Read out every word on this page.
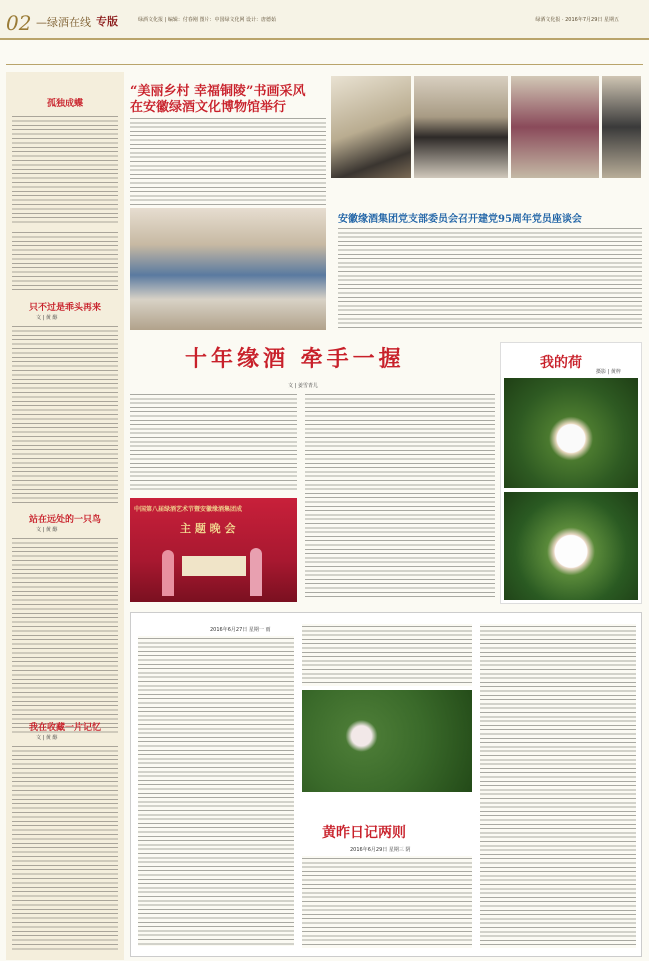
02 —绿酒在线 专版	绿酒文化报 | 编辑：付春刚 图片：中国绿文化网 设计：唐德茹	绿酒文化报 · 2016年7月29日 星期五
孤独成蝶
只不过是乖头再来
文 | 黄 醇
站在远处的一只鸟
文 | 黄 醇
我在收藏一片记忆
文 | 黄 醇
“美丽乡村 幸福铜陵”书画采风
在安徽绿酒文化博物馆举行
安徽缘酒集团党支部委员会召开建党95周年党员座谈会
十年缘酒 牵手一握
文 | 姜雪青儿
中国第八届绿酒艺术节暨安徽缘酒集团成
主 题 晚 会
我的荷
摄影 | 黄梓
2016年6月27日 星期一 雨
黄昨日记两则
2016年6月29日 星期三 阴
